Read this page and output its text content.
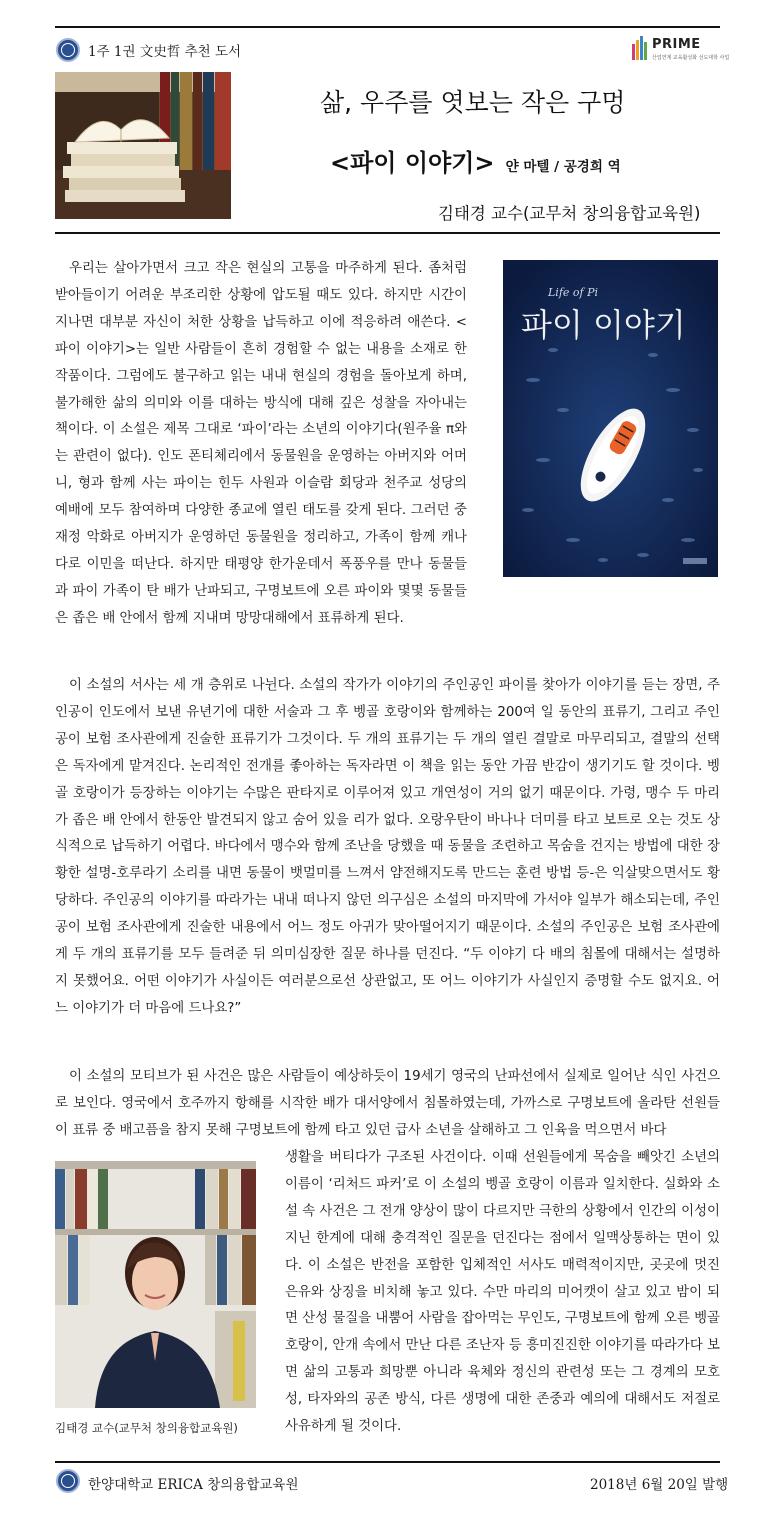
1주 1권 文史哲 추천 도서	PRIME
산업연계 교육활성화 선도대학 사업
삶, 우주를 엿보는 작은 구멍
<파이 이야기> 얀 마텔 / 공경희 역
김태경 교수(교무처 창의융합교육원)

우리는 살아가면서 크고 작은 현실의 고통을 마주하게 된다. 좀처럼 받아들이기 어려운 부조리한 상황에 압도될 때도 있다. 하지만 시간이 지나면 대부분 자신이 처한 상황을 납득하고 이에 적응하려 애쓴다. <파이 이야기>는 일반 사람들이 흔히 경험할 수 없는 내용을 소재로 한 작품이다. 그럼에도 불구하고 읽는 내내 현실의 경험을 돌아보게 하며, 불가해한 삶의 의미와 이를 대하는 방식에 대해 깊은 성찰을 자아내는 책이다. 이 소설은 제목 그대로 ‘파이’라는 소년의 이야기다(원주율 π와는 관련이 없다). 인도 폰티체리에서 동물원을 운영하는 아버지와 어머니, 형과 함께 사는 파이는 힌두 사원과 이슬람 회당과 천주교 성당의 예배에 모두 참여하며 다양한 종교에 열린 태도를 갖게 된다. 그러던 중 재정 악화로 아버지가 운영하던 동물원을 정리하고, 가족이 함께 캐나다로 이민을 떠난다. 하지만 태평양 한가운데서 폭풍우를 만나 동물들과 파이 가족이 탄 배가 난파되고, 구명보트에 오른 파이와 몇몇 동물들은 좁은 배 안에서 함께 지내며 망망대해에서 표류하게 된다.

Life of Pi
파이 이야기

이 소설의 서사는 세 개 층위로 나뉜다. 소설의 작가가 이야기의 주인공인 파이를 찾아가 이야기를 듣는 장면, 주인공이 인도에서 보낸 유년기에 대한 서술과 그 후 벵골 호랑이와 함께하는 200여 일 동안의 표류기, 그리고 주인공이 보험 조사관에게 진술한 표류기가 그것이다. 두 개의 표류기는 두 개의 열린 결말로 마무리되고, 결말의 선택은 독자에게 맡겨진다. 논리적인 전개를 좋아하는 독자라면 이 책을 읽는 동안 가끔 반감이 생기기도 할 것이다. 벵골 호랑이가 등장하는 이야기는 수많은 판타지로 이루어져 있고 개연성이 거의 없기 때문이다. 가령, 맹수 두 마리가 좁은 배 안에서 한동안 발견되지 않고 숨어 있을 리가 없다. 오랑우탄이 바나나 더미를 타고 보트로 오는 것도 상식적으로 납득하기 어렵다. 바다에서 맹수와 함께 조난을 당했을 때 동물을 조련하고 목숨을 건지는 방법에 대한 장황한 설명-호루라기 소리를 내면 동물이 뱃멀미를 느껴서 얌전해지도록 만드는 훈련 방법 등-은 익살맞으면서도 황당하다. 주인공의 이야기를 따라가는 내내 떠나지 않던 의구심은 소설의 마지막에 가서야 일부가 해소되는데, 주인공이 보험 조사관에게 진술한 내용에서 어느 정도 아귀가 맞아떨어지기 때문이다. 소설의 주인공은 보험 조사관에게 두 개의 표류기를 모두 들려준 뒤 의미심장한 질문 하나를 던진다. “두 이야기 다 배의 침몰에 대해서는 설명하지 못했어요. 어떤 이야기가 사실이든 여러분으로선 상관없고, 또 어느 이야기가 사실인지 증명할 수도 없지요. 어느 이야기가 더 마음에 드나요?”

이 소설의 모티브가 된 사건은 많은 사람들이 예상하듯이 19세기 영국의 난파선에서 실제로 일어난 식인 사건으로 보인다. 영국에서 호주까지 항해를 시작한 배가 대서양에서 침몰하였는데, 가까스로 구명보트에 올라탄 선원들이 표류 중 배고픔을 참지 못해 구명보트에 함께 타고 있던 급사 소년을 살해하고 그 인육을 먹으면서 바다

김태경 교수(교무처 창의융합교육원)

생활을 버티다가 구조된 사건이다. 이때 선원들에게 목숨을 빼앗긴 소년의 이름이 ‘리처드 파커’로 이 소설의 벵골 호랑이 이름과 일치한다. 실화와 소설 속 사건은 그 전개 양상이 많이 다르지만 극한의 상황에서 인간의 이성이 지닌 한계에 대해 충격적인 질문을 던진다는 점에서 일맥상통하는 면이 있다. 이 소설은 반전을 포함한 입체적인 서사도 매력적이지만, 곳곳에 멋진 은유와 상징을 비치해 놓고 있다. 수만 마리의 미어캣이 살고 있고 밤이 되면 산성 물질을 내뿜어 사람을 잡아먹는 무인도, 구명보트에 함께 오른 벵골 호랑이, 안개 속에서 만난 다른 조난자 등 흥미진진한 이야기를 따라가다 보면 삶의 고통과 희망뿐 아니라 육체와 정신의 관련성 또는 그 경계의 모호성, 타자와의 공존 방식, 다른 생명에 대한 존중과 예의에 대해서도 저절로 사유하게 될 것이다.

한양대학교 ERICA 창의융합교육원	2018년 6월 20일 발행
